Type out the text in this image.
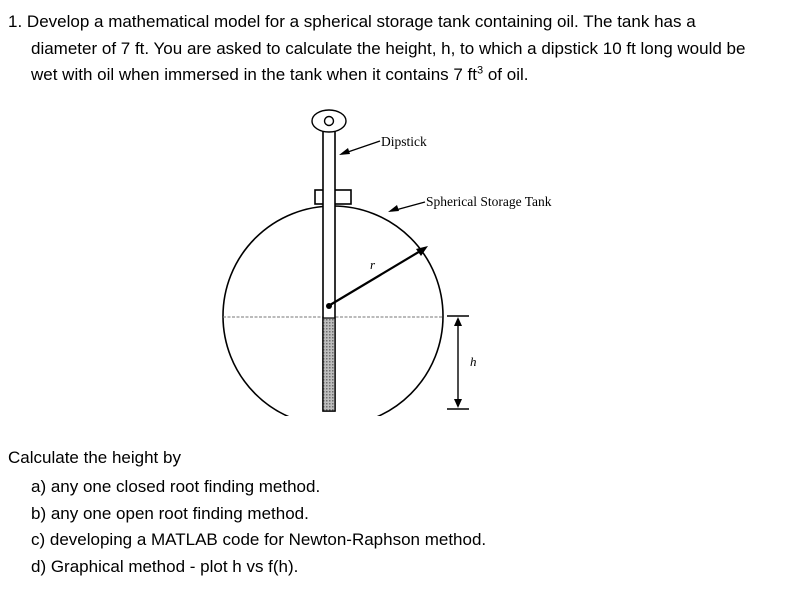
1. Develop a mathematical model for a spherical storage tank containing oil. The tank has a
diameter of 7 ft. You are asked to calculate the height, h, to which a dipstick 10 ft long would be
wet with oil when immersed in the tank when it contains 7 $ft^3$ of oil.
r
Dipstick
Spherical Storage Tank
h

Calculate the height by

a) any one closed root finding method.
b) any one open root finding method.
c) developing a MATLAB code for Newton-Raphson method.
d) Graphical method - plot h vs f(h).
